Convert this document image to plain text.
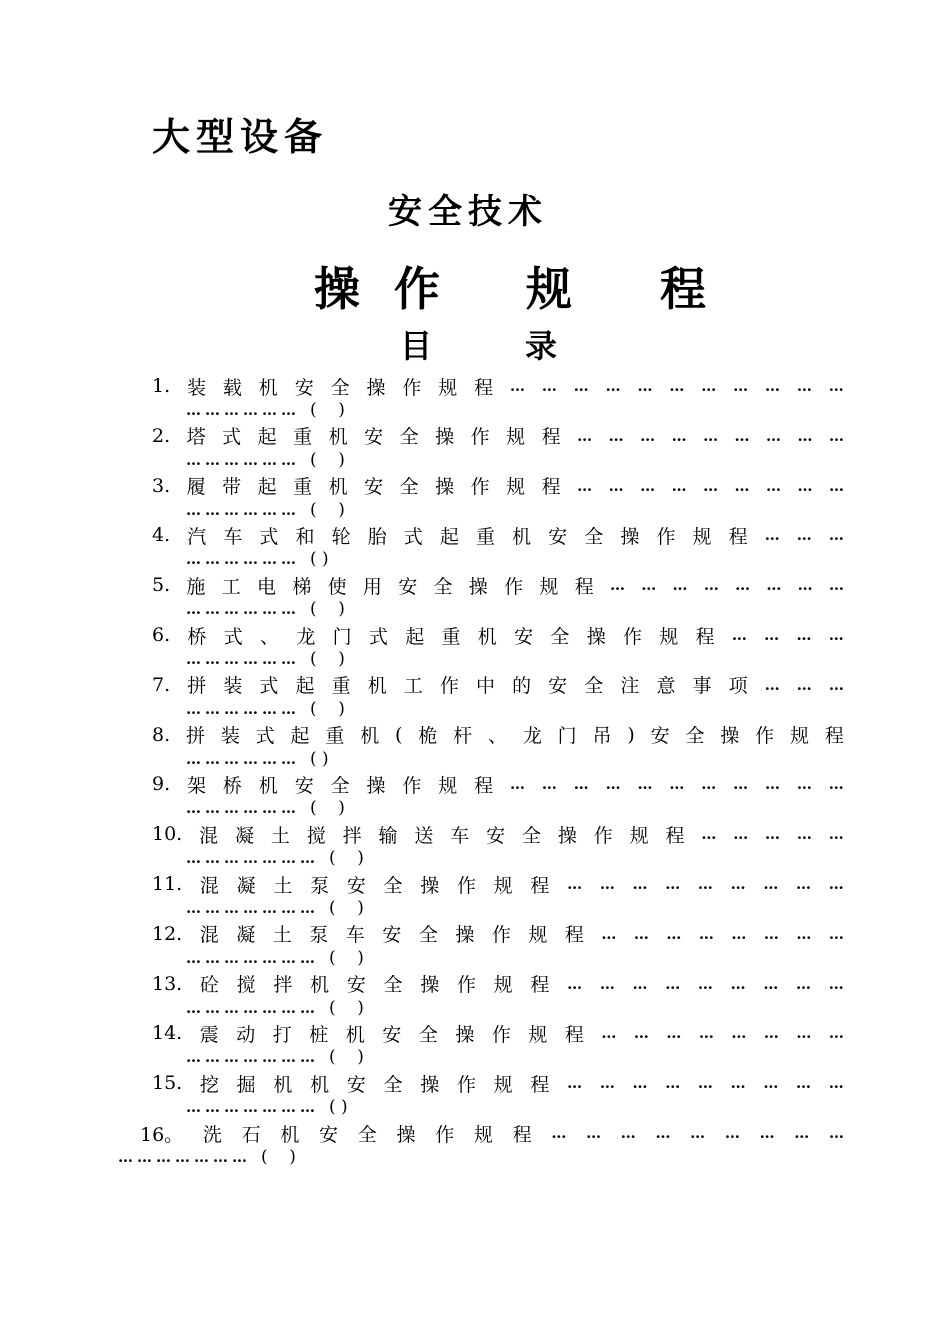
大型设备
安全技术
操 作 规 程
目	录
1. 装 载 机 安 全 操 作 规 程 … … … … … … … … … … …
……………… (    )
2. 塔 式 起 重 机 安 全 操 作 规 程 … … … … … … … … …
……………… (    )
3. 履 带 起 重 机 安 全 操 作 规 程 … … … … … … … … …
……………… (    )
4. 汽 车 式 和 轮 胎 式 起 重 机 安 全 操 作 规 程 … … …
……………… ( )
5. 施 工 电 梯 使 用 安 全 操 作 规 程 … … … … … … … …
……………… (    )
6. 桥 式 、 龙 门 式 起 重 机 安 全 操 作 规 程 … … … …
……………… (    )
7. 拼 装 式 起 重 机 工 作 中 的 安 全 注 意 事 项 … … …
……………… (    )
8. 拼 装 式 起 重 机 ( 桅 杆 、 龙 门 吊 ) 安 全 操 作 规 程
……………… ( )
9. 架 桥 机 安 全 操 作 规 程 … … … … … … … … … … …
……………… (    )
10. 混 凝 土 搅 拌 输 送 车 安 全 操 作 规 程 … … … … …
………………… (    )
11. 混 凝 土 泵 安 全 操 作 规 程 … … … … … … … … …
………………… (    )
12. 混 凝 土 泵 车 安 全 操 作 规 程 … … … … … … … …
………………… (    )
13. 砼 搅 拌 机 安 全 操 作 规 程 … … … … … … … … …
………………… (    )
14. 震 动 打 桩 机 安 全 操 作 规 程 … … … … … … … …
………………… (    )
15. 挖 掘 机 机 安 全 操 作 规 程 … … … … … … … … …
………………… ( )
16。 洗 石 机 安 全 操 作 规 程 … … … … … … … … …
………………… (    )
